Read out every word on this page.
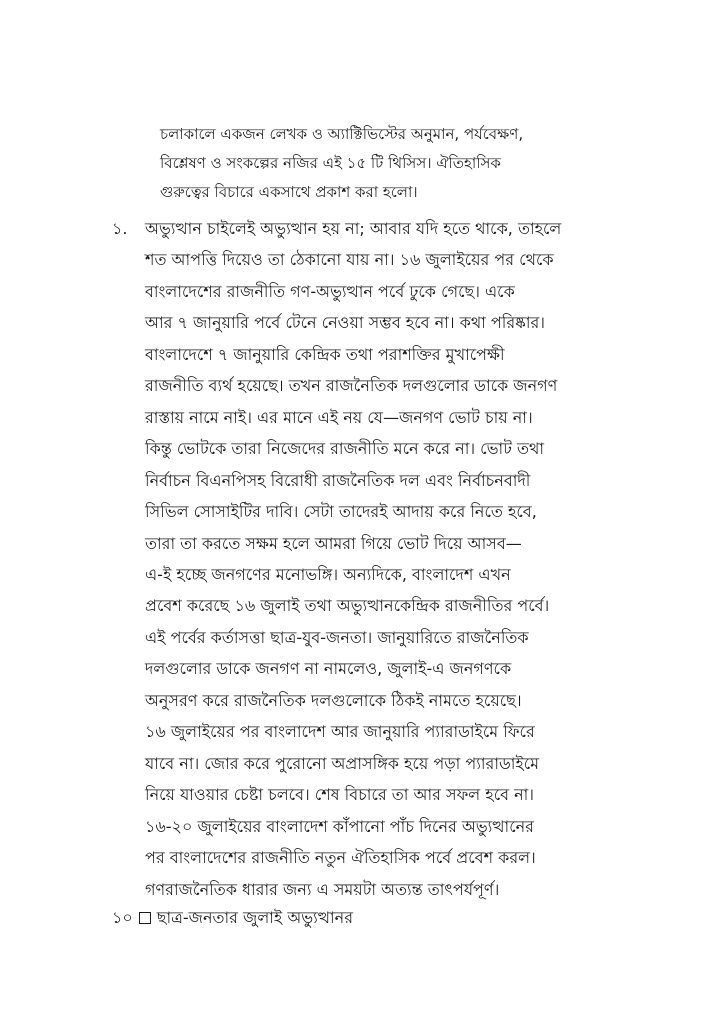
চলাকালে একজন লেখক ও অ্যাক্টিভিস্টের অনুমান, পর্যবেক্ষণ,
বিশ্লেষণ ও সংকল্পের নজির এই ১৫ টি থিসিস। ঐতিহাসিক
গুরুত্বের বিচারে একসাথে প্রকাশ করা হলো।
১. অভ্যুত্থান চাইলেই অভ্যুত্থান হয় না; আবার যদি হতে থাকে, তাহলে
শত আপত্তি দিয়েও তা ঠেকানো যায় না। ১৬ জুলাইয়ের পর থেকে
বাংলাদেশের রাজনীতি গণ-অভ্যুত্থান পর্বে ঢুকে গেছে। একে
আর ৭ জানুয়ারি পর্বে টেনে নেওয়া সম্ভব হবে না। কথা পরিষ্কার।
বাংলাদেশে ৭ জানুয়ারি কেন্দ্রিক তথা পরাশক্তির মুখাপেক্ষী
রাজনীতি ব্যর্থ হয়েছে। তখন রাজনৈতিক দলগুলোর ডাকে জনগণ
রাস্তায় নামে নাই। এর মানে এই নয় যে—জনগণ ভোট চায় না।
কিন্তু ভোটকে তারা নিজেদের রাজনীতি মনে করে না। ভোট তথা
নির্বাচন বিএনপিসহ বিরোধী রাজনৈতিক দল এবং নির্বাচনবাদী
সিভিল সোসাইটির দাবি। সেটা তাদেরই আদায় করে নিতে হবে,
তারা তা করতে সক্ষম হলে আমরা গিয়ে ভোট দিয়ে আসব—
এ-ই হচ্ছে জনগণের মনোভঙ্গি। অন্যদিকে, বাংলাদেশ এখন
প্রবেশ করেছে ১৬ জুলাই তথা অভ্যুত্থানকেন্দ্রিক রাজনীতির পর্বে।
এই পর্বের কর্তাসত্তা ছাত্র-যুব-জনতা। জানুয়ারিতে রাজনৈতিক
দলগুলোর ডাকে জনগণ না নামলেও, জুলাই-এ জনগণকে
অনুসরণ করে রাজনৈতিক দলগুলোকে ঠিকই নামতে হয়েছে।
১৬ জুলাইয়ের পর বাংলাদেশ আর জানুয়ারি প্যারাডাইমে ফিরে
যাবে না। জোর করে পুরোনো অপ্রাসঙ্গিক হয়ে পড়া প্যারাডাইমে
নিয়ে যাওয়ার চেষ্টা চলবে। শেষ বিচারে তা আর সফল হবে না।
১৬-২০ জুলাইয়ের বাংলাদেশ কাঁপানো পাঁচ দিনের অভ্যুত্থানের
পর বাংলাদেশের রাজনীতি নতুন ঐতিহাসিক পর্বে প্রবেশ করল।
গণরাজনৈতিক ধারার জন্য এ সময়টা অত্যন্ত তাৎপর্যপূর্ণ।
১০ ছাত্র-জনতার জুলাই অভ্যুত্থানর
